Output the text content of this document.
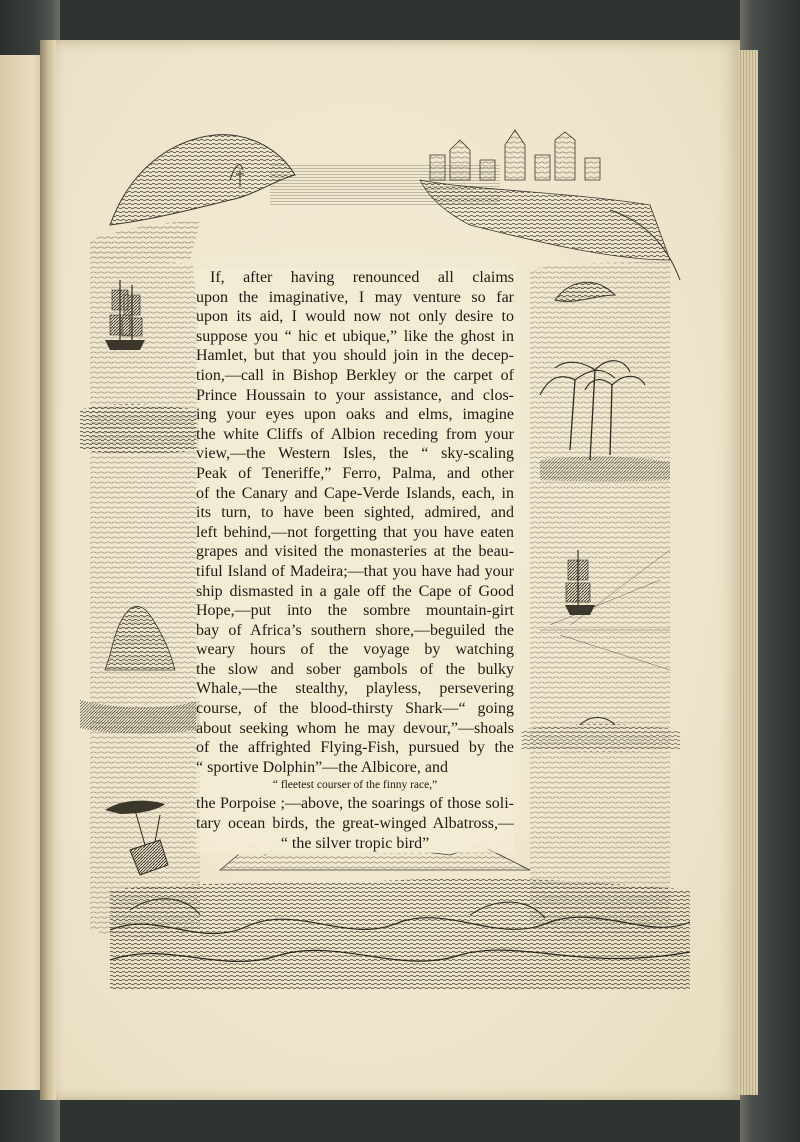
If, after having renounced all claims
upon the imaginative, I may venture so far
upon its aid, I would now not only desire to
suppose you “ hic et ubique,” like the ghost in
Hamlet, but that you should join in the decep-
tion,—call in Bishop Berkley or the carpet of
Prince Houssain to your assistance, and clos-
ing your eyes upon oaks and elms, imagine
the white Cliffs of Albion receding from your
view,—the Western Isles, the “ sky-scaling
Peak of Teneriffe,” Ferro, Palma, and other
of the Canary and Cape-Verde Islands, each, in
its turn, to have been sighted, admired, and
left behind,—not forgetting that you have eaten
grapes and visited the monasteries at the beau-
tiful Island of Madeira;—that you have had your
ship dismasted in a gale off the Cape of Good
Hope,—put into the sombre mountain-girt
bay of Africa’s southern shore,—beguiled the
weary hours of the voyage by watching
the slow and sober gambols of the bulky
Whale,—the stealthy, playless, persevering
course, of the blood-thirsty Shark—“ going
about seeking whom he may devour,”—shoals
of the affrighted Flying-Fish, pursued by the
“ sportive Dolphin”—the Albicore, and
“ fleetest courser of the finny race,”
the Porpoise ;—above, the soarings of those soli-
tary ocean birds, the great-winged Albatross,—
“ the silver tropic bird”
